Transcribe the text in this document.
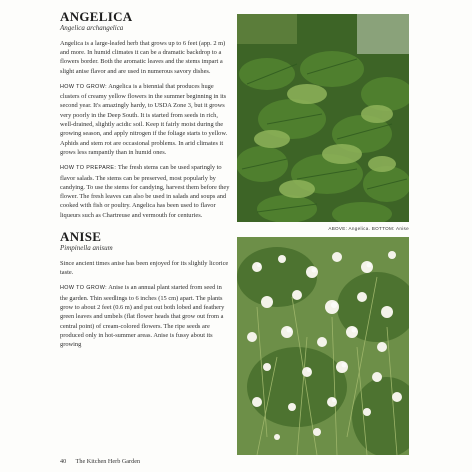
ANGELICA
Angelica archangelica

Angelica is a large-leafed herb that grows up to 6 feet (app. 2 m) and more. In humid climates it can be a dramatic backdrop to a flowers border. Both the aromatic leaves and the stems impart a slight anise flavor and are used in numerous savory dishes.

HOW TO GROW: Angelica is a biennial that produces huge clusters of creamy yellow flowers in the summer beginning in its second year. It's amazingly hardy, to USDA Zone 3, but it grows very poorly in the Deep South. It is started from seeds in rich, well-drained, slightly acidic soil. Keep it fairly moist during the growing season, and apply nitrogen if the foliage starts to yellow. Aphids and stem rot are occasional problems. In arid climates it grows less rampantly than in humid ones.

HOW TO PREPARE: The fresh stems can be used sparingly to flavor salads. The stems can be preserved, most popularly by candying. To use the stems for candying, harvest them before they flower. The fresh leaves can also be used in salads and soups and cooked with fish or poultry. Angelica has been used to flavor liqueurs such as Chartreuse and vermouth for centuries.

ANISE
Pimpinella anisum

Since ancient times anise has been enjoyed for its slightly licorice taste.

HOW TO GROW: Anise is an annual plant started from seed in the garden. Thin seedlings to 6 inches (15 cm) apart. The plants grow to about 2 feet (0.6 m) and put out both lobed and feathery green leaves and umbels (flat flower heads that grow out from a central point) of cream-colored flowers. The ripe seeds are produced only in hot-summer areas. Anise is fussy about its growing

ABOVE: Angelica. BOTTOM: Anise
40 The Kitchen Herb Garden
